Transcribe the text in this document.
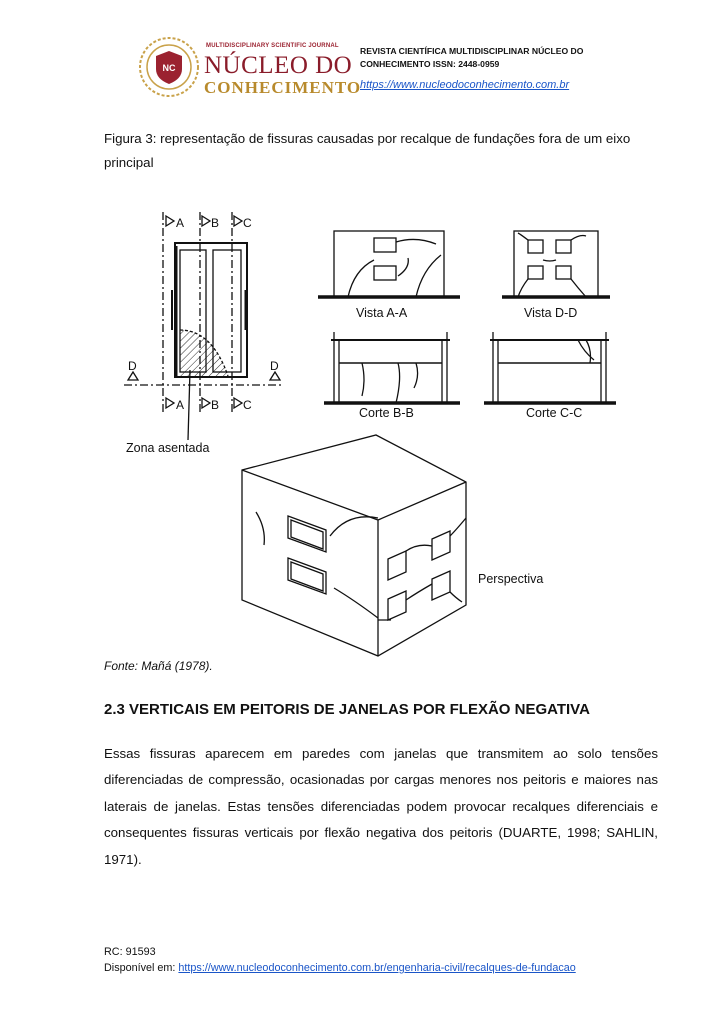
NC
MULTIDISCIPLINARY SCIENTIFIC JOURNAL
NÚCLEO DO
CONHECIMENTO
REVISTA CIENTÍFICA MULTIDISCIPLINAR NÚCLEO DO
CONHECIMENTO ISSN: 2448-0959
https://www.nucleodoconhecimento.com.br
Figura 3: representação de fissuras causadas por recalque de fundações fora de um eixo principal
A B C
A B C
D	D
Zona asentada
Vista A-A	Vista D-D
Corte B-B	Corte C-C
Perspectiva
Fonte: Mañá (1978).
2.3 VERTICAIS EM PEITORIS DE JANELAS POR FLEXÃO NEGATIVA
Essas fissuras aparecem em paredes com janelas que transmitem ao solo tensões diferenciadas de compressão, ocasionadas por cargas menores nos peitoris e maiores nas laterais de janelas. Estas tensões diferenciadas podem provocar recalques diferenciais e consequentes fissuras verticais por flexão negativa dos peitoris (DUARTE, 1998; SAHLIN, 1971).
RC: 91593
Disponível em: https://www.nucleodoconhecimento.com.br/engenharia-civil/recalques-de-fundacao
